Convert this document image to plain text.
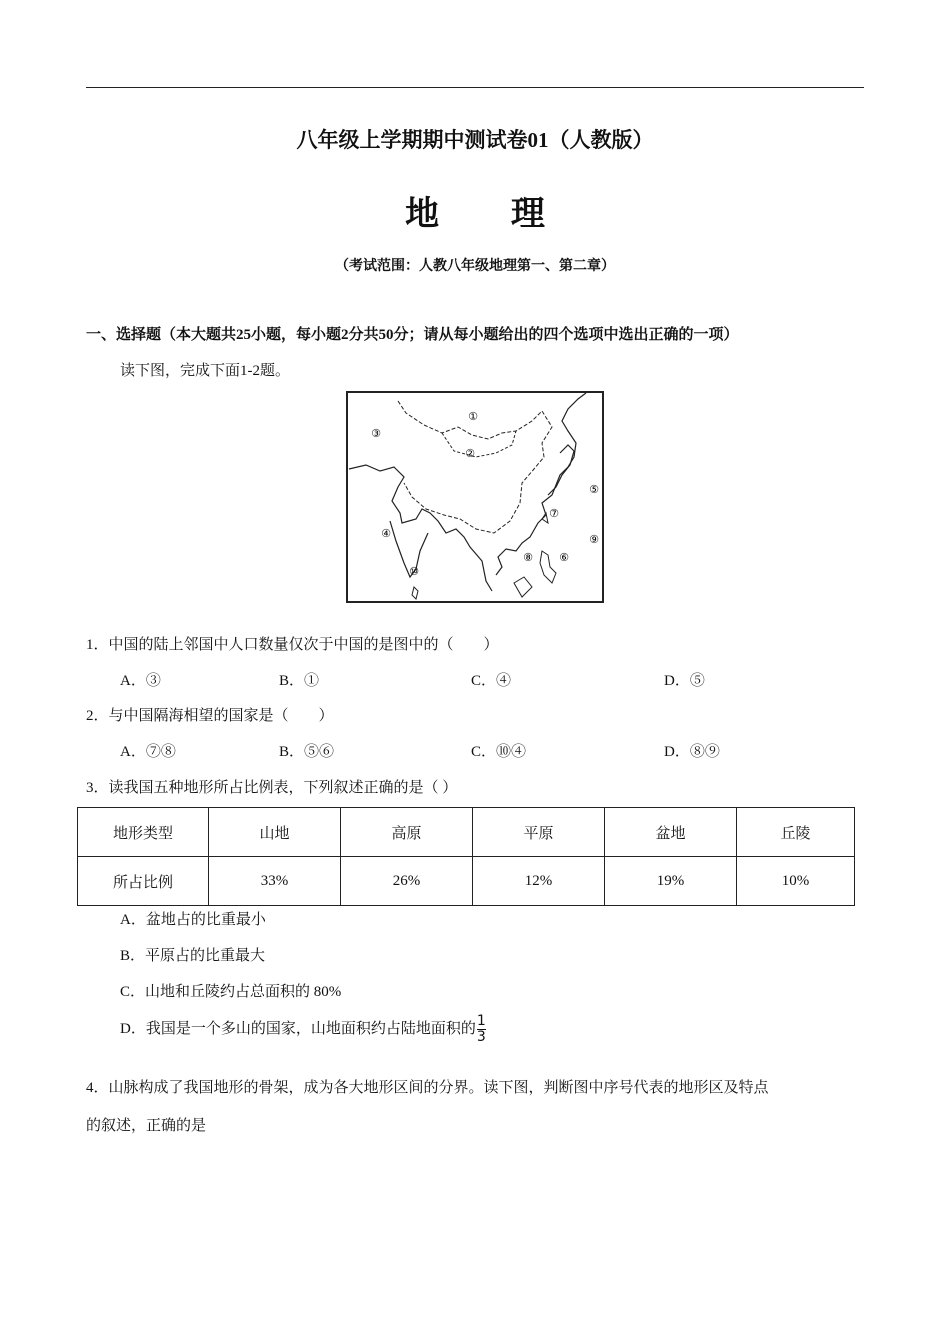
八年级上学期期中测试卷01（人教版）
地 理
（考试范围：人教八年级地理第一、第二章）
一、选择题（本大题共25小题，每小题2分共50分；请从每小题给出的四个选项中选出正确的一项）
读下图，完成下面1-2题。
①
②
③
④
⑤
⑦
⑧ ⑥
⑨
⑩
1．中国的陆上邻国中人口数量仅次于中国的是图中的（　　）
A．③	B．①	C．④	D．⑤
2．与中国隔海相望的国家是（　　）
A．⑦⑧	B．⑤⑥	C．⑩④	D．⑧⑨
3．读我国五种地形所占比例表，下列叙述正确的是（ ）
地形类型	山地	高原	平原	盆地	丘陵
所占比例	33%	26%	12%	19%	10%
A．盆地占的比重最小
B．平原占的比重最大
C．山地和丘陵约占总面积的 80%
D．我国是一个多山的国家，山地面积约占陆地面积的 $\frac{1}{3}$
4．山脉构成了我国地形的骨架，成为各大地形区间的分界。读下图，判断图中序号代表的地形区及特点
的叙述，正确的是
